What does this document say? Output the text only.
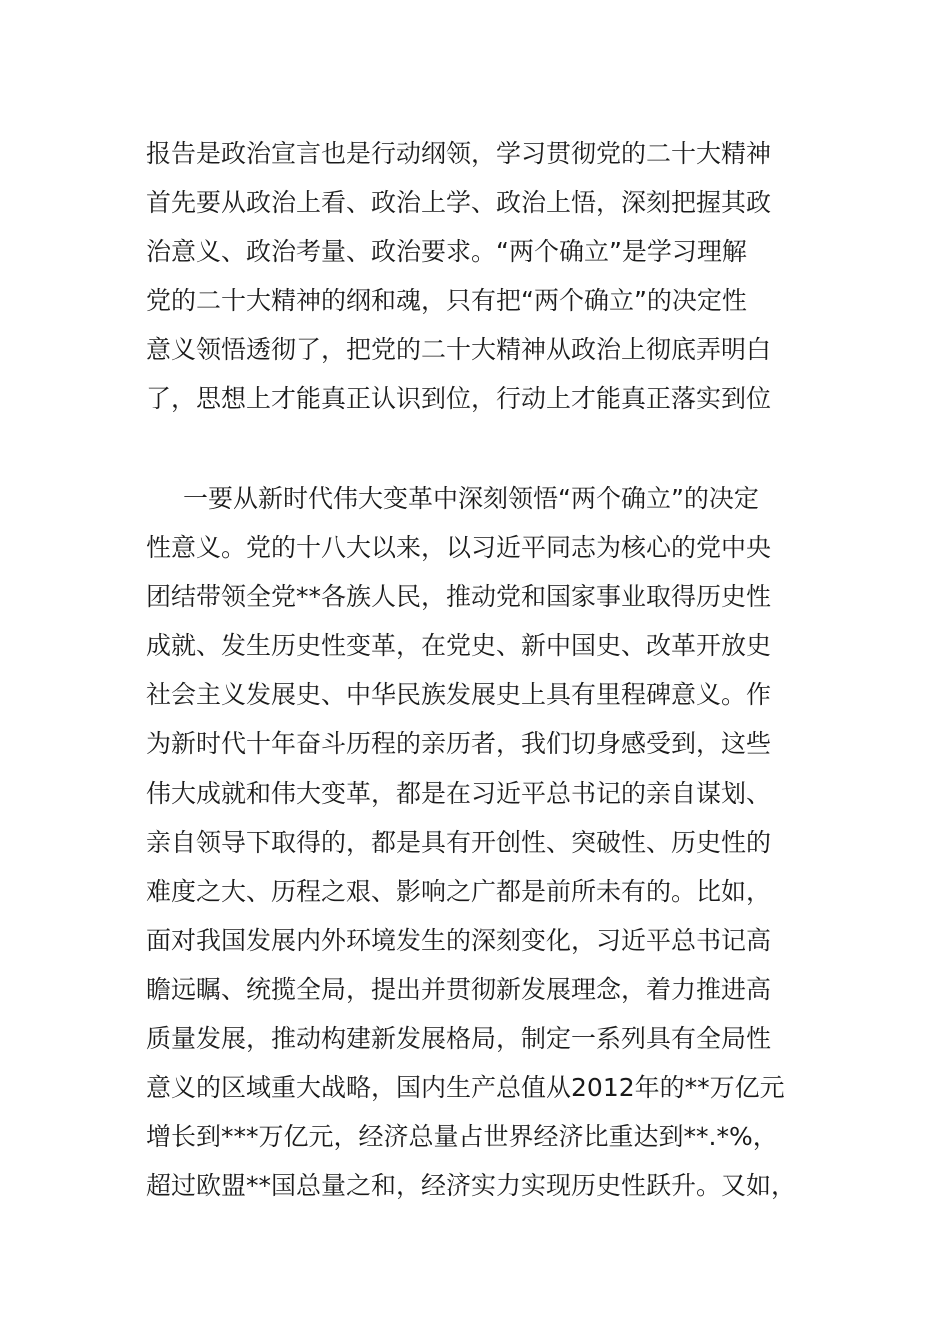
报告是政治宣言也是行动纲领，学习贯彻党的二十大精神
首先要从政治上看、政治上学、政治上悟，深刻把握其政
治意义、政治考量、政治要求。“两个确立”是学习理解
党的二十大精神的纲和魂，只有把“两个确立”的决定性
意义领悟透彻了，把党的二十大精神从政治上彻底弄明白
了，思想上才能真正认识到位，行动上才能真正落实到位

一要从新时代伟大变革中深刻领悟“两个确立”的决定
性意义。党的十八大以来，以习近平同志为核心的党中央
团结带领全党**各族人民，推动党和国家事业取得历史性
成就、发生历史性变革，在党史、新中国史、改革开放史
社会主义发展史、中华民族发展史上具有里程碑意义。作
为新时代十年奋斗历程的亲历者，我们切身感受到，这些
伟大成就和伟大变革，都是在习近平总书记的亲自谋划、
亲自领导下取得的，都是具有开创性、突破性、历史性的
难度之大、历程之艰、影响之广都是前所未有的。比如，
面对我国发展内外环境发生的深刻变化，习近平总书记高
瞻远瞩、统揽全局，提出并贯彻新发展理念，着力推进高
质量发展，推动构建新发展格局，制定一系列具有全局性
意义的区域重大战略，国内生产总值从2012年的**万亿元
增长到***万亿元，经济总量占世界经济比重达到**.*%，
超过欧盟**国总量之和，经济实力实现历史性跃升。又如，
